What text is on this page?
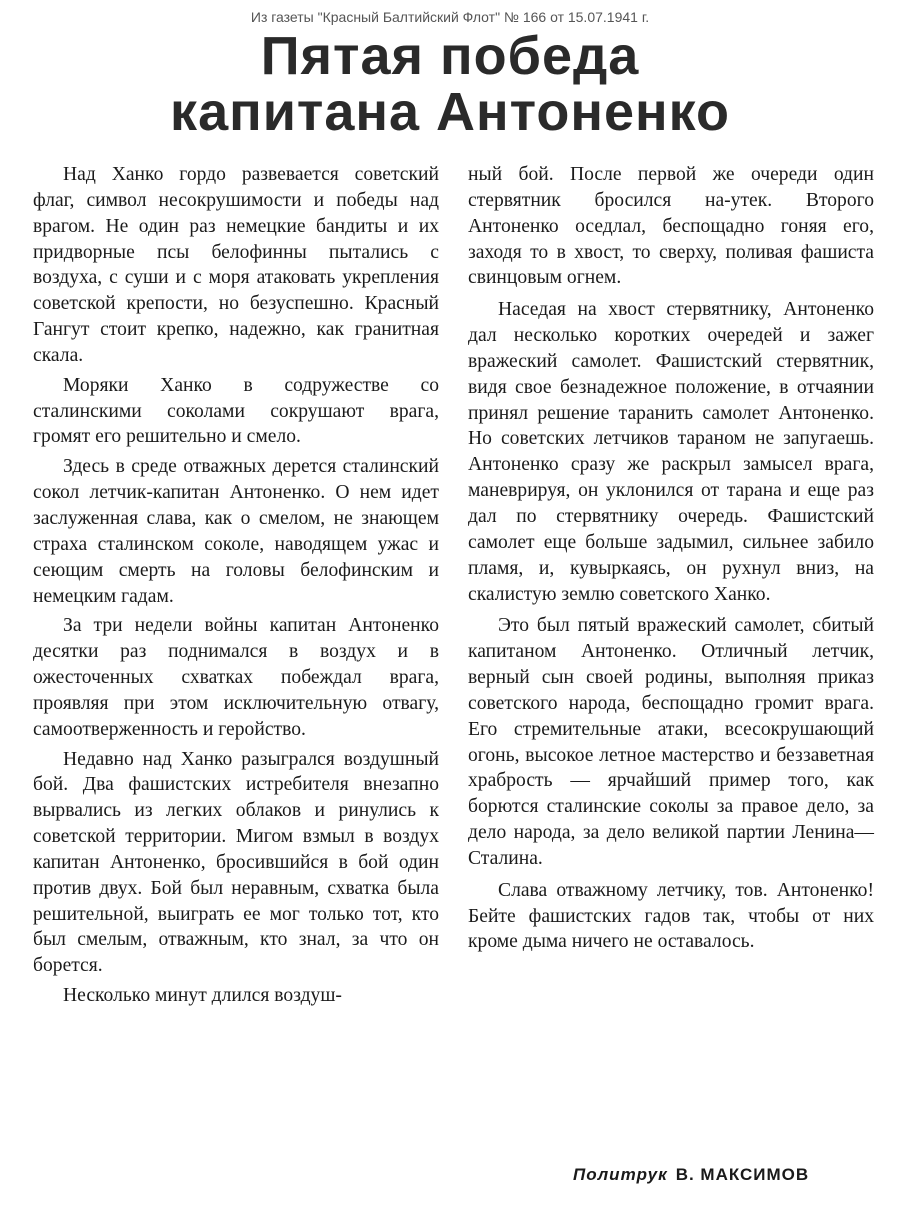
Из газеты "Красный Балтийский Флот" № 166 от 15.07.1941 г.
Пятая победа
капитана Антоненко

Над Ханко гордо развевается советский флаг, символ несокрушимости и победы над врагом. Не один раз немецкие бандиты и их придворные псы белофинны пытались с воздуха, с суши и с моря атаковать укрепления советской крепости, но безуспешно. Красный Гангут стоит крепко, надежно, как гранитная скала.

Моряки Ханко в содружестве со сталинскими соколами сокрушают врага, громят его решительно и смело.

Здесь в среде отважных дерется сталинский сокол летчик-капитан Антоненко. О нем идет заслуженная слава, как о смелом, не знающем страха сталинском соколе, наводящем ужас и сеющим смерть на головы белофинским и немецким гадам.

За три недели войны капитан Антоненко десятки раз поднимался в воздух и в ожесточенных схватках побеждал врага, проявляя при этом исключительную отвагу, самоотверженность и геройство.

Недавно над Ханко разыгрался воздушный бой. Два фашистских истребителя внезапно вырвались из легких облаков и ринулись к советской территории. Мигом взмыл в воздух капитан Антоненко, бросившийся в бой один против двух. Бой был неравным, схватка была решительной, выиграть ее мог только тот, кто был смелым, отважным, кто знал, за что он борется.

Несколько минут длился воздуш-

ный бой. После первой же очереди один стервятник бросился на-утек. Второго Антоненко оседлал, беспощадно гоняя его, заходя то в хвост, то сверху, поливая фашиста свинцовым огнем.

Наседая на хвост стервятнику, Антоненко дал несколько коротких очередей и зажег вражеский самолет. Фашистский стервятник, видя свое безнадежное положение, в отчаянии принял решение таранить самолет Антоненко. Но советских летчиков тараном не запугаешь. Антоненко сразу же раскрыл замысел врага, маневрируя, он уклонился от тарана и еще раз дал по стервятнику очередь. Фашистский самолет еще больше задымил, сильнее забило пламя, и, кувыркаясь, он рухнул вниз, на скалистую землю советского Ханко.

Это был пятый вражеский самолет, сбитый капитаном Антоненко. Отличный летчик, верный сын своей родины, выполняя приказ советского народа, беспощадно громит врага. Его стремительные атаки, всесокрушающий огонь, высокое летное мастерство и беззаветная храбрость — ярчайший пример того, как борются сталинские соколы за правое дело, за дело народа, за дело великой партии Ленина—Сталина.

Слава отважному летчику, тов. Антоненко! Бейте фашистских гадов так, чтобы от них кроме дыма ничего не оставалось.

Политрук В. МАКСИМОВ
